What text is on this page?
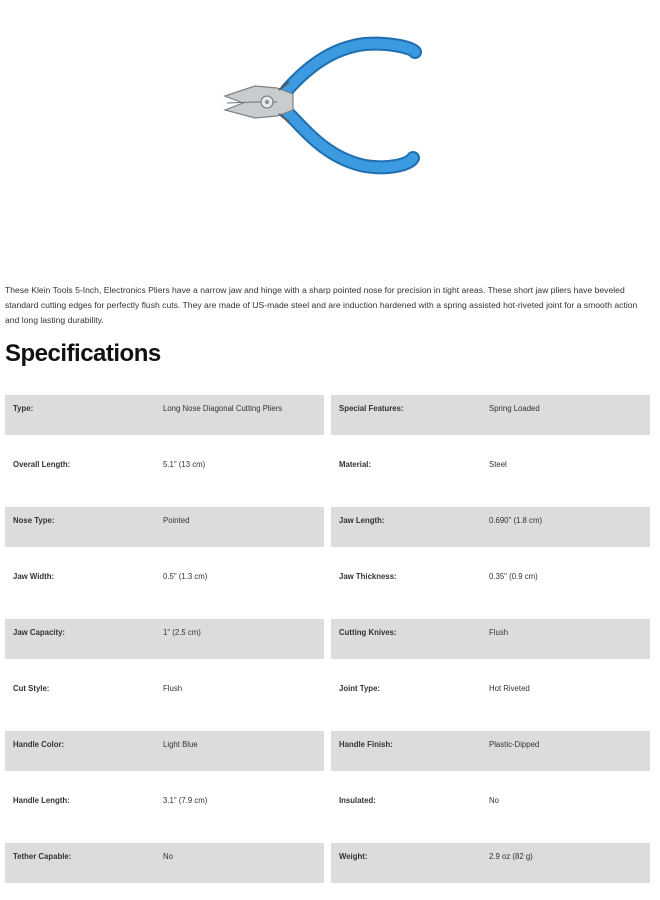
These Klein Tools 5-Inch, Electronics Pliers have a narrow jaw and hinge with a sharp pointed nose for precision in tight areas. These short jaw pliers have beveled standard cutting edges for perfectly flush cuts. They are made of US-made steel and are induction hardened with a spring assisted hot-riveted joint for a smooth action and long lasting durability.

Specifications
Type:	Long Nose Diagonal Cutting Pliers	Special Features:	Spring Loaded
Overall Length:	5.1" (13 cm)	Material:	Steel
Nose Type:	Pointed	Jaw Length:	0.690" (1.8 cm)
Jaw Width:	0.5" (1.3 cm)	Jaw Thickness:	0.35" (0.9 cm)
Jaw Capacity:	1" (2.5 cm)	Cutting Knives:	Flush
Cut Style:	Flush	Joint Type:	Hot Riveted
Handle Color:	Light Blue	Handle Finish:	Plastic-Dipped
Handle Length:	3.1" (7.9 cm)	Insulated:	No
Tether Capable:	No	Weight:	2.9 oz (82 g)
